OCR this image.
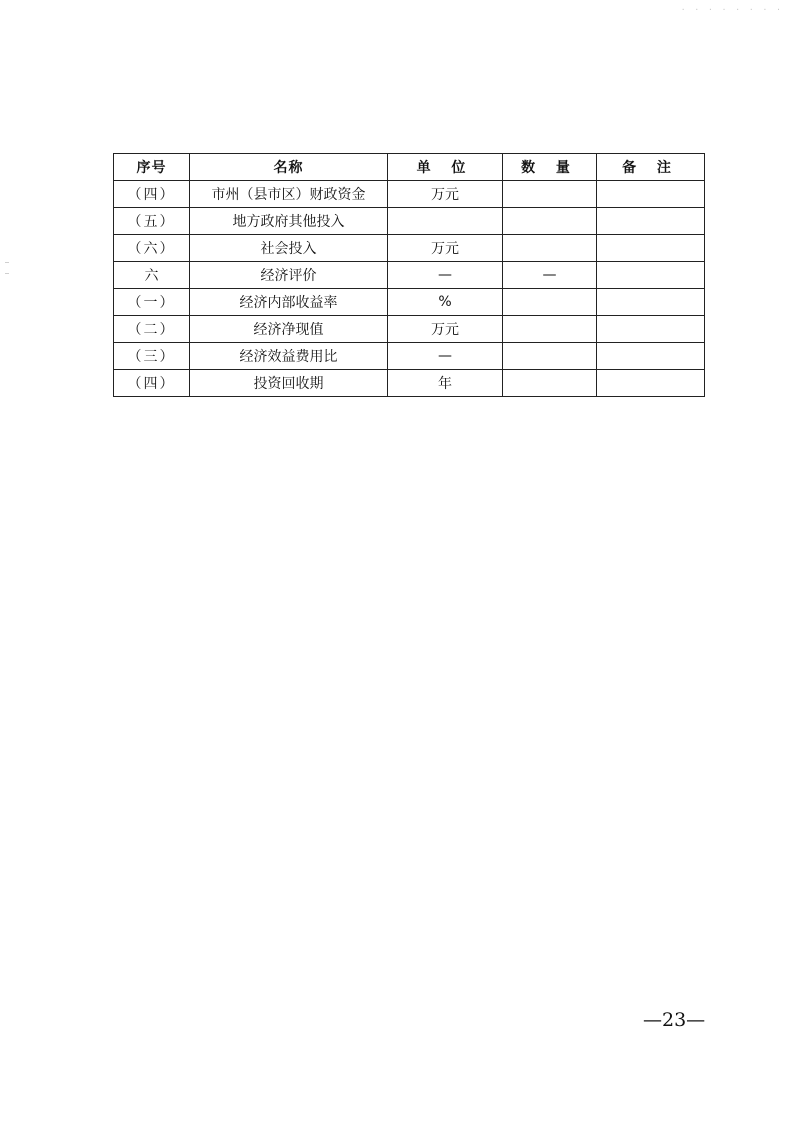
. . . . . . . .
序号	名称	单 位	数 量	备 注
（四）	市州（县市区）财政资金	万元		
（五）	地方政府其他投入			
（六）	社会投入	万元		
六	经济评价	—	—	
（一）	经济内部收益率	%		
（二）	经济净现值	万元		
（三）	经济效益费用比	—		
（四）	投资回收期	年		
—23—
